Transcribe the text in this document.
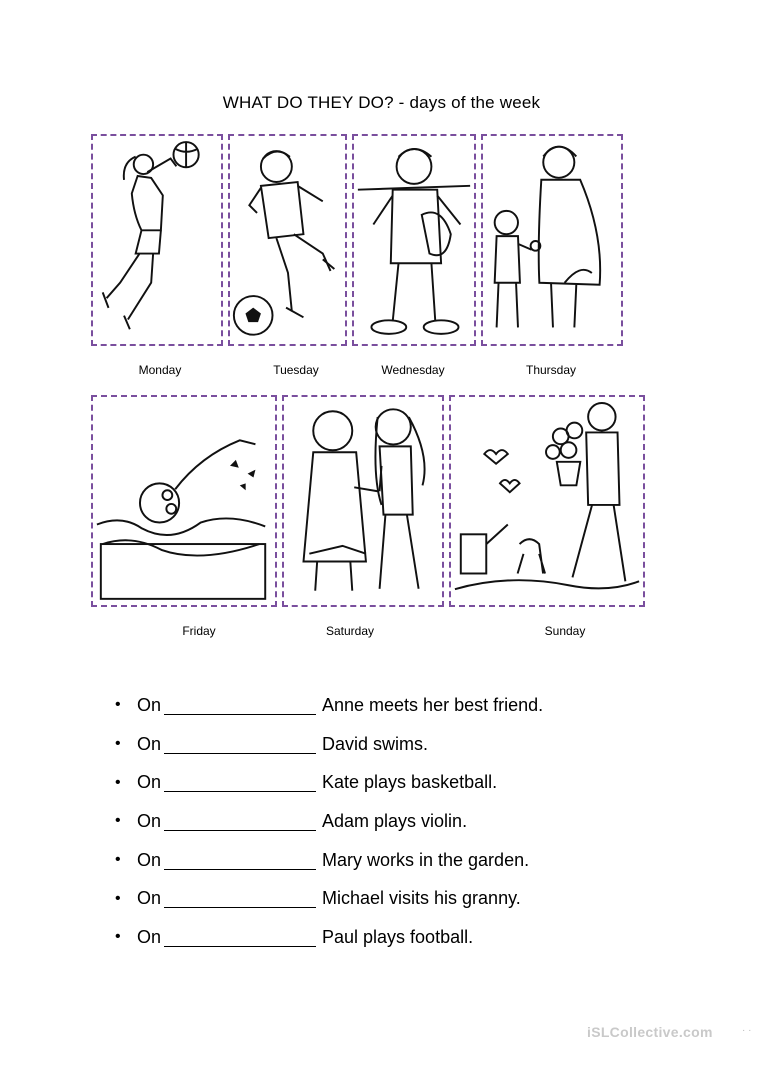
WHAT DO THEY DO? - days of the week
Monday	Tuesday	Wednesday	Thursday
Friday	Saturday	Sunday
• On	Anne meets her best friend.
• On	David swims.
• On	Kate plays basketball.
• On	Adam plays violin.
• On	Mary works in the garden.
• On	Michael visits his granny.
• On	Paul plays football.
iSLCollective.com	· ·
